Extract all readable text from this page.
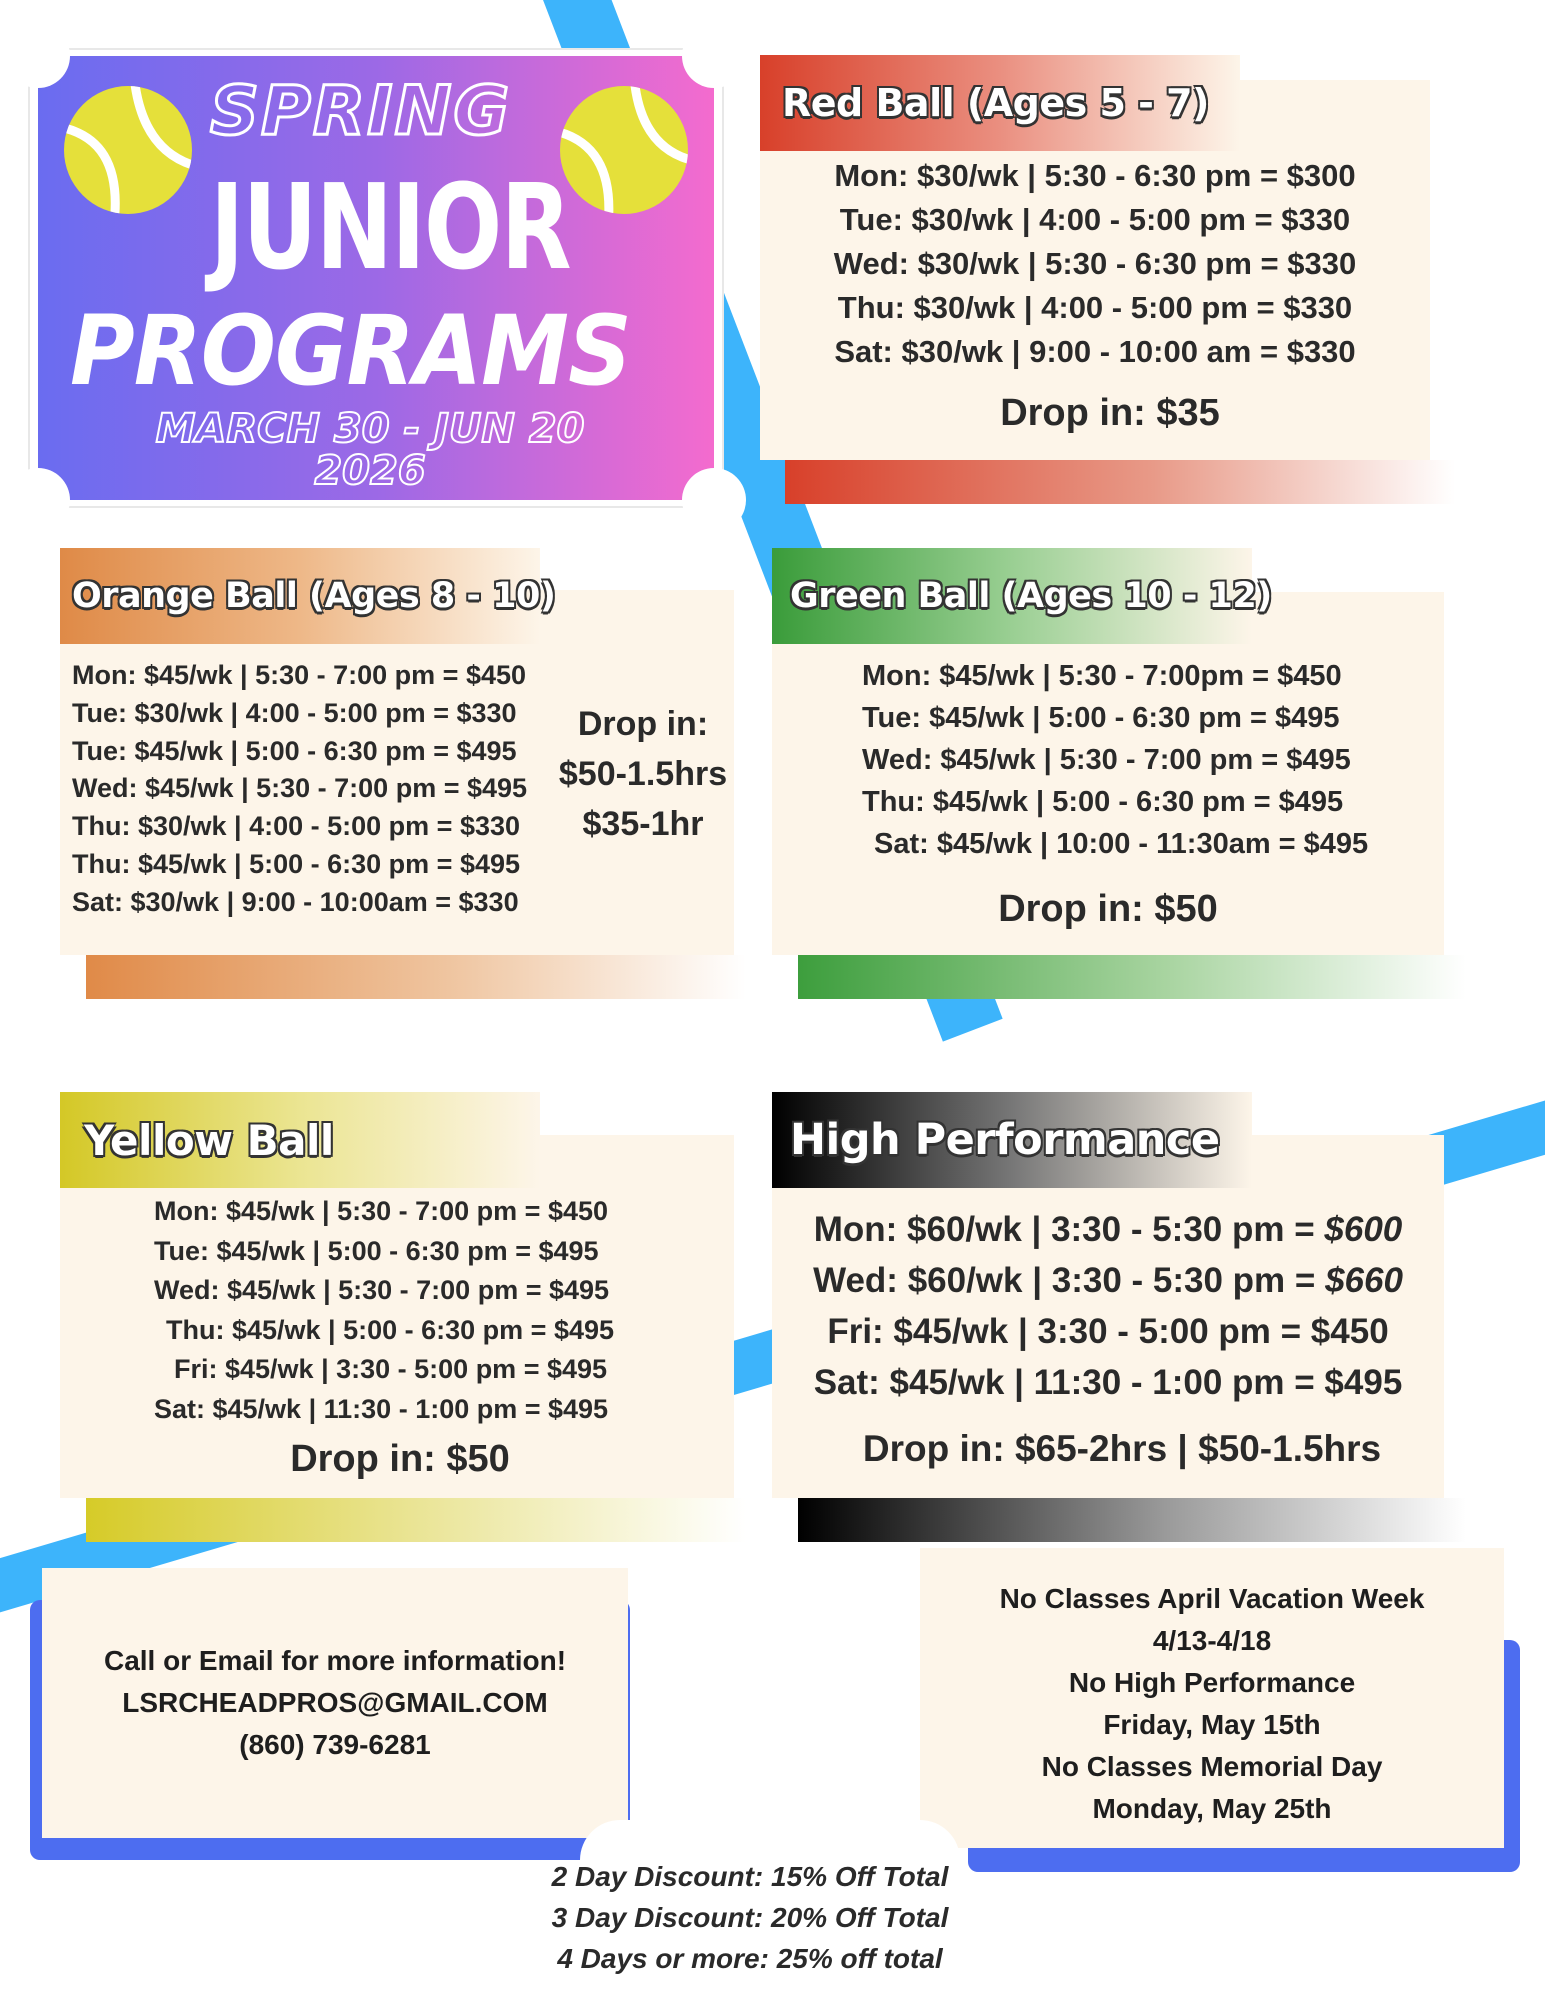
SPRING
JUNIOR
PROGRAMS
MARCH 30 - JUN 20
2026
Red Ball (Ages 5 - 7)
Mon: $30/wk | 5:30 - 6:30 pm = $300
Tue: $30/wk | 4:00 - 5:00 pm = $330
Wed: $30/wk | 5:30 - 6:30 pm = $330
Thu: $30/wk | 4:00 - 5:00 pm = $330
Sat: $30/wk | 9:00 - 10:00 am = $330
Drop in: $35
Orange Ball (Ages 8 - 10)
Mon: $45/wk | 5:30 - 7:00 pm = $450
Tue: $30/wk | 4:00 - 5:00 pm = $330
Tue: $45/wk | 5:00 - 6:30 pm = $495
Wed: $45/wk | 5:30 - 7:00 pm = $495
Thu: $30/wk | 4:00 - 5:00 pm = $330
Thu: $45/wk | 5:00 - 6:30 pm = $495
Sat: $30/wk | 9:00 - 10:00am = $330
Drop in:
$50-1.5hrs
$35-1hr
Green Ball (Ages 10 - 12)
Mon: $45/wk | 5:30 - 7:00pm = $450
Tue: $45/wk | 5:00 - 6:30 pm = $495
Wed: $45/wk | 5:30 - 7:00 pm = $495
Thu: $45/wk | 5:00 - 6:30 pm = $495
Sat: $45/wk | 10:00 - 11:30am = $495
Drop in: $50
Yellow Ball
Mon: $45/wk | 5:30 - 7:00 pm = $450
Tue: $45/wk | 5:00 - 6:30 pm = $495
Wed: $45/wk | 5:30 - 7:00 pm = $495
Thu: $45/wk | 5:00 - 6:30 pm = $495
Fri: $45/wk | 3:30 - 5:00 pm = $495
Sat: $45/wk | 11:30 - 1:00 pm = $495
Drop in: $50
High Performance
Mon: $60/wk | 3:30 - 5:30 pm = $600
Wed: $60/wk | 3:30 - 5:30 pm = $660
Fri: $45/wk | 3:30 - 5:00 pm = $450
Sat: $45/wk | 11:30 - 1:00 pm = $495
Drop in: $65-2hrs | $50-1.5hrs
Call or Email for more information!
LSRCHEADPROS@GMAIL.COM
(860) 739-6281
No Classes April Vacation Week
4/13-4/18
No High Performance
Friday, May 15th
No Classes Memorial Day
Monday, May 25th
2 Day Discount: 15% Off Total
3 Day Discount: 20% Off Total
4 Days or more: 25% off total
